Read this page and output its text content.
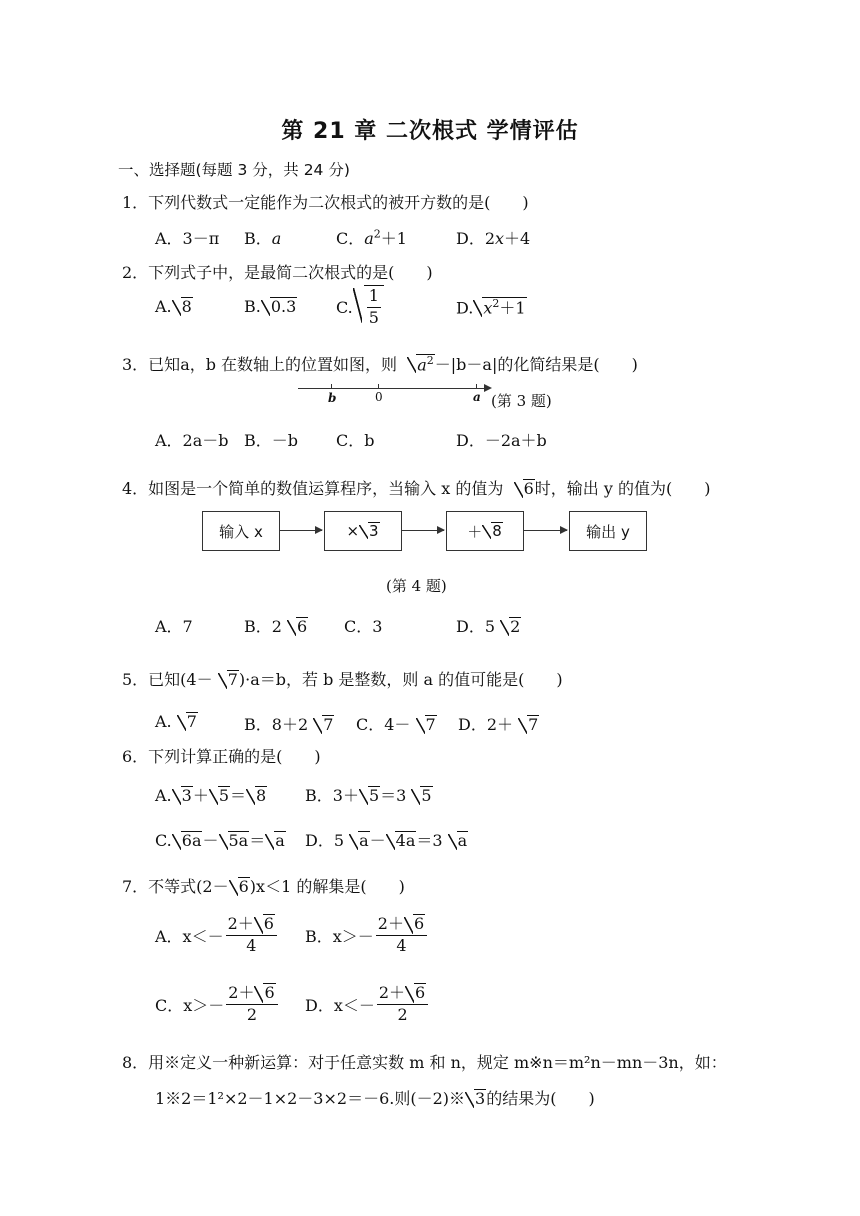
第 21 章 二次根式 学情评估
一、选择题(每题 3 分，共 24 分)
1．下列代数式一定能作为二次根式的被开方数的是(　　)
A．3－π B．a	C．$a^2+1$	D．2x＋4
2．下列式子中，是最简二次根式的是(　　)
A. 8	B. 0.3 C. $\frac{1}{5}$	D. $x^2+1$
3．已知a，b 在数轴上的位置如图，则 $a^2-|b-a|$的化简结果是(　　)
b	0	a (第 3 题)
A．2a－b B．－b C．b	D．－2a＋b
4．如图是一个简单的数值运算程序，当输入 x 的值为 6时，输出 y 的值为(　　)
输入 x	× 3	＋ 8	输出 y
(第 4 题)
A．7	B．2 6 C．3	D．5 2
5．已知(4－ 7)·a＝b，若 b 是整数，则 a 的值可能是(　　)
A. 7	B．8＋2 7 C．4－ 7 D．2＋ 7
6．下列计算正确的是(　　)
A. 3＋ 5＝ 8 B．3＋ 5＝3 5
C. 6a－ 5a＝ a D．5 a－ 4a＝3 a
7．不等式(2－ 6)x＜1 的解集是(　　)
A．$x<- \frac{2+ 6}{4}$ B．$x>- \frac{2+ 6}{4}$
C．$x>- \frac{2+ 6}{2}$ D．$x<- \frac{2+ 6}{2}$
8．用※定义一种新运算：对于任意实数 m 和 n，规定 m※n＝m²n－mn－3n，如：
1※2＝1²×2－1×2－3×2＝－6.则(－2)※ 3的结果为(　　)
